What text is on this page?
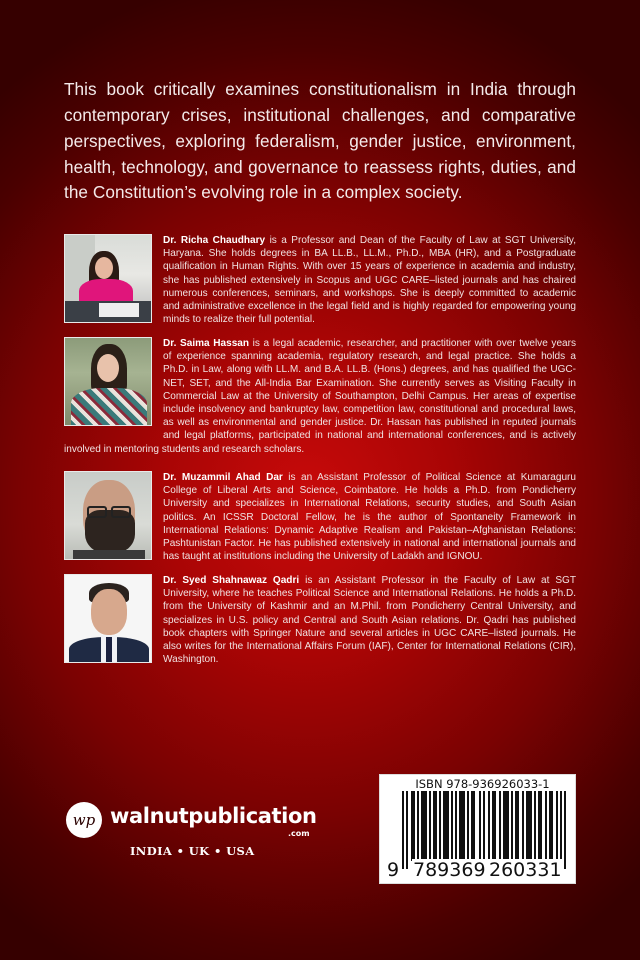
This book critically examines constitutionalism in India through contemporary crises, institutional challenges, and comparative perspectives, exploring federalism, gender justice, environment, health, technology, and governance to reassess rights, duties, and the Constitution’s evolving role in a complex society.

Dr. Richa Chaudhary is a Professor and Dean of the Faculty of Law at SGT University, Haryana. She holds degrees in BA LL.B., LL.M., Ph.D., MBA (HR), and a Postgraduate qualification in Human Rights. With over 15 years of experience in academia and industry, she has published extensively in Scopus and UGC CARE–listed journals and has chaired numerous conferences, seminars, and workshops. She is deeply committed to academic and administrative excellence in the legal field and is highly regarded for empowering young minds to realize their full potential.

Dr. Saima Hassan is a legal academic, researcher, and practitioner with over twelve years of experience spanning academia, regulatory research, and legal practice. She holds a Ph.D. in Law, along with LL.M. and B.A. LL.B. (Hons.) degrees, and has qualified the UGC-NET, SET, and the All-India Bar Examination. She currently serves as Visiting Faculty in Commercial Law at the University of Southampton, Delhi Campus. Her areas of expertise include insolvency and bankruptcy law, competition law, constitutional and procedural laws, as well as environmental and gender justice. Dr. Hassan has published in reputed journals and legal platforms, participated in national and international conferences, and is actively involved in mentoring students and research scholars.

Dr. Muzammil Ahad Dar is an Assistant Professor of Political Science at Kumaraguru College of Liberal Arts and Science, Coimbatore. He holds a Ph.D. from Pondicherry University and specializes in International Relations, security studies, and South Asian politics. An ICSSR Doctoral Fellow, he is the author of Spontaneity Framework in International Relations: Dynamic Adaptive Realism and Pakistan–Afghanistan Relations: Pashtunistan Factor. He has published extensively in national and international journals and has taught at institutions including the University of Ladakh and IGNOU.

Dr. Syed Shahnawaz Qadri is an Assistant Professor in the Faculty of Law at SGT University, where he teaches Political Science and International Relations. He holds a Ph.D. from the University of Kashmir and an M.Phil. from Pondicherry Central University, and specializes in U.S. policy and Central and South Asian relations. Dr. Qadri has published book chapters with Springer Nature and several articles in UGC CARE–listed journals. He also writes for the International Affairs Forum (IAF), Center for International Relations (CIR), Washington.

wp walnutpublication
.com
INDIA • UK • USA
ISBN 978-936926033-1
9 789369 260331
